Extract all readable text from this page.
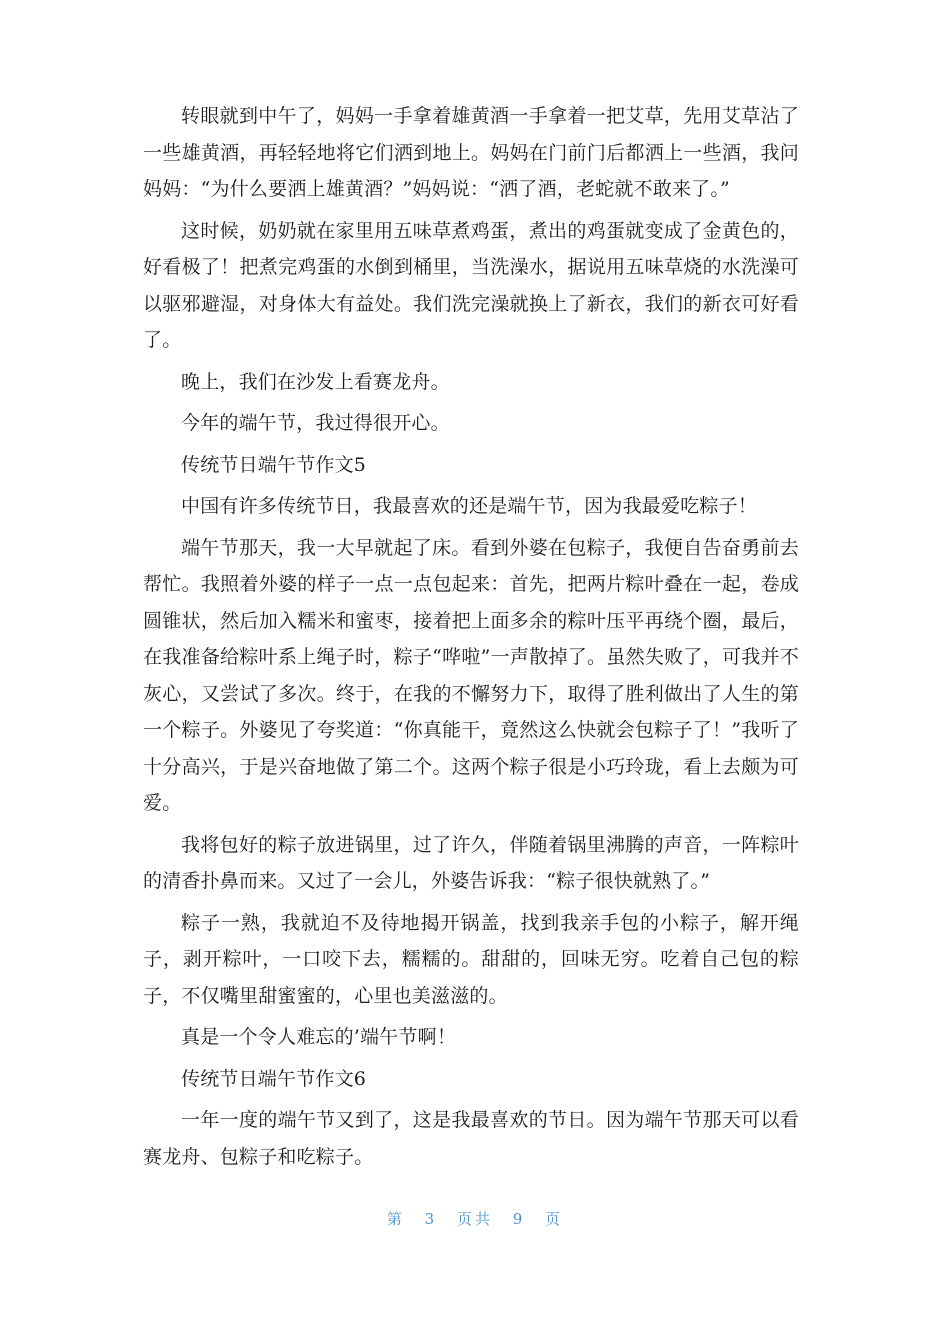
转眼就到中午了，妈妈一手拿着雄黄酒一手拿着一把艾草，先用艾草沾了一些雄黄酒，再轻轻地将它们洒到地上。妈妈在门前门后都洒上一些酒，我问妈妈：“为什么要洒上雄黄酒？”妈妈说：“洒了酒，老蛇就不敢来了。”

这时候，奶奶就在家里用五味草煮鸡蛋，煮出的鸡蛋就变成了金黄色的，好看极了！把煮完鸡蛋的水倒到桶里，当洗澡水，据说用五味草烧的水洗澡可以驱邪避湿，对身体大有益处。我们洗完澡就换上了新衣，我们的新衣可好看了。

晚上，我们在沙发上看赛龙舟。

今年的端午节，我过得很开心。

传统节日端午节作文5

中国有许多传统节日，我最喜欢的还是端午节，因为我最爱吃粽子！

端午节那天，我一大早就起了床。看到外婆在包粽子，我便自告奋勇前去帮忙。我照着外婆的样子一点一点包起来：首先，把两片粽叶叠在一起，卷成圆锥状，然后加入糯米和蜜枣，接着把上面多余的粽叶压平再绕个圈，最后，在我准备给粽叶系上绳子时，粽子“哗啦”一声散掉了。虽然失败了，可我并不灰心，又尝试了多次。终于，在我的不懈努力下，取得了胜利做出了人生的第一个粽子。外婆见了夸奖道：“你真能干，竟然这么快就会包粽子了！”我听了十分高兴，于是兴奋地做了第二个。这两个粽子很是小巧玲珑，看上去颇为可爱。

我将包好的粽子放进锅里，过了许久，伴随着锅里沸腾的声音，一阵粽叶的清香扑鼻而来。又过了一会儿，外婆告诉我：“粽子很快就熟了。”

粽子一熟，我就迫不及待地揭开锅盖，找到我亲手包的小粽子，解开绳子，剥开粽叶，一口咬下去，糯糯的。甜甜的，回味无穷。吃着自己包的粽子，不仅嘴里甜蜜蜜的，心里也美滋滋的。

真是一个令人难忘的’端午节啊！

传统节日端午节作文6

一年一度的端午节又到了，这是我最喜欢的节日。因为端午节那天可以看赛龙舟、包粽子和吃粽子。

第 3 页共 9 页
